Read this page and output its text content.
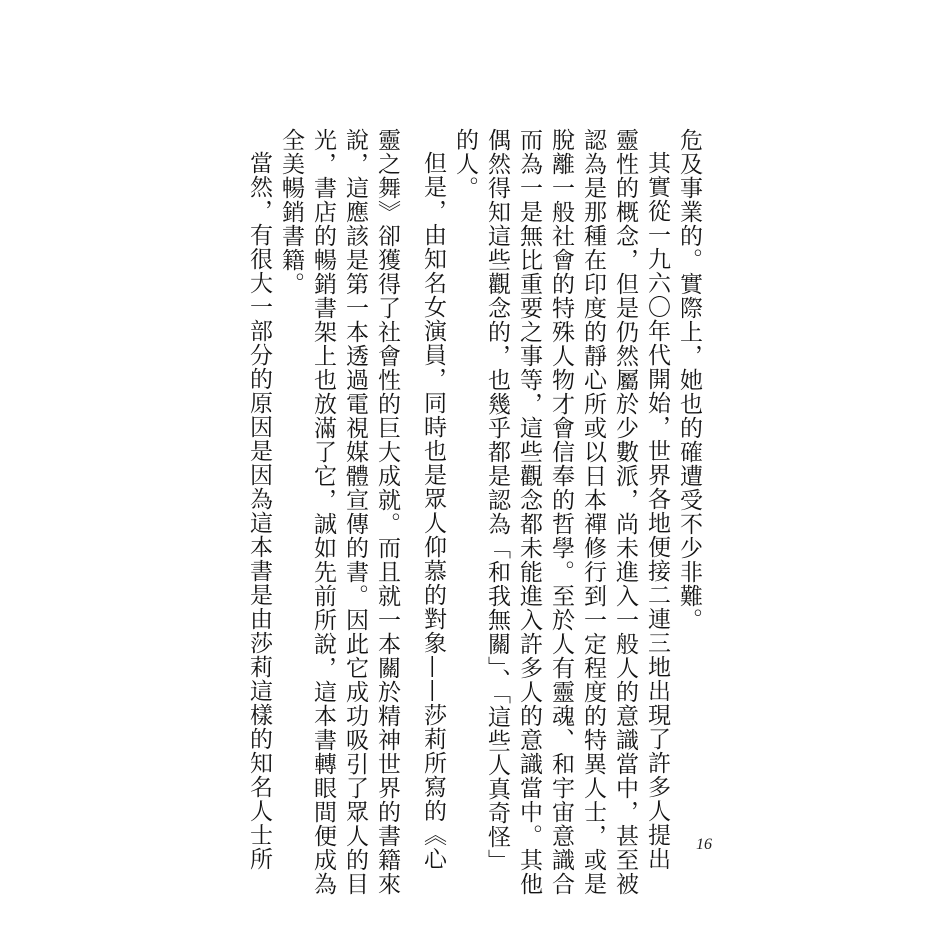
危及事業的。實際上，她也的確遭受不少非難。

其實從一九六〇年代開始，世界各地便接二連三地出現了許多人提出

靈性的概念，但是仍然屬於少數派，尚未進入一般人的意識當中，甚至被

認為是那種在印度的靜心所或以日本禪修行到一定程度的特異人士，或是

脫離一般社會的特殊人物才會信奉的哲學。至於人有靈魂、和宇宙意識合

而為一是無比重要之事等，這些觀念都未能進入許多人的意識當中。其他

偶然得知這些觀念的，也幾乎都是認為「和我無關」、「這些人真奇怪」

的人。

但是，由知名女演員，同時也是眾人仰慕的對象——莎莉所寫的《心

靈之舞》卻獲得了社會性的巨大成就。而且就一本關於精神世界的書籍來

說，這應該是第一本透過電視媒體宣傳的書。因此它成功吸引了眾人的目

光，書店的暢銷書架上也放滿了它，誠如先前所說，這本書轉眼間便成為

全美暢銷書籍。

當然，有很大一部分的原因是因為這本書是由莎莉這樣的知名人士所	16
